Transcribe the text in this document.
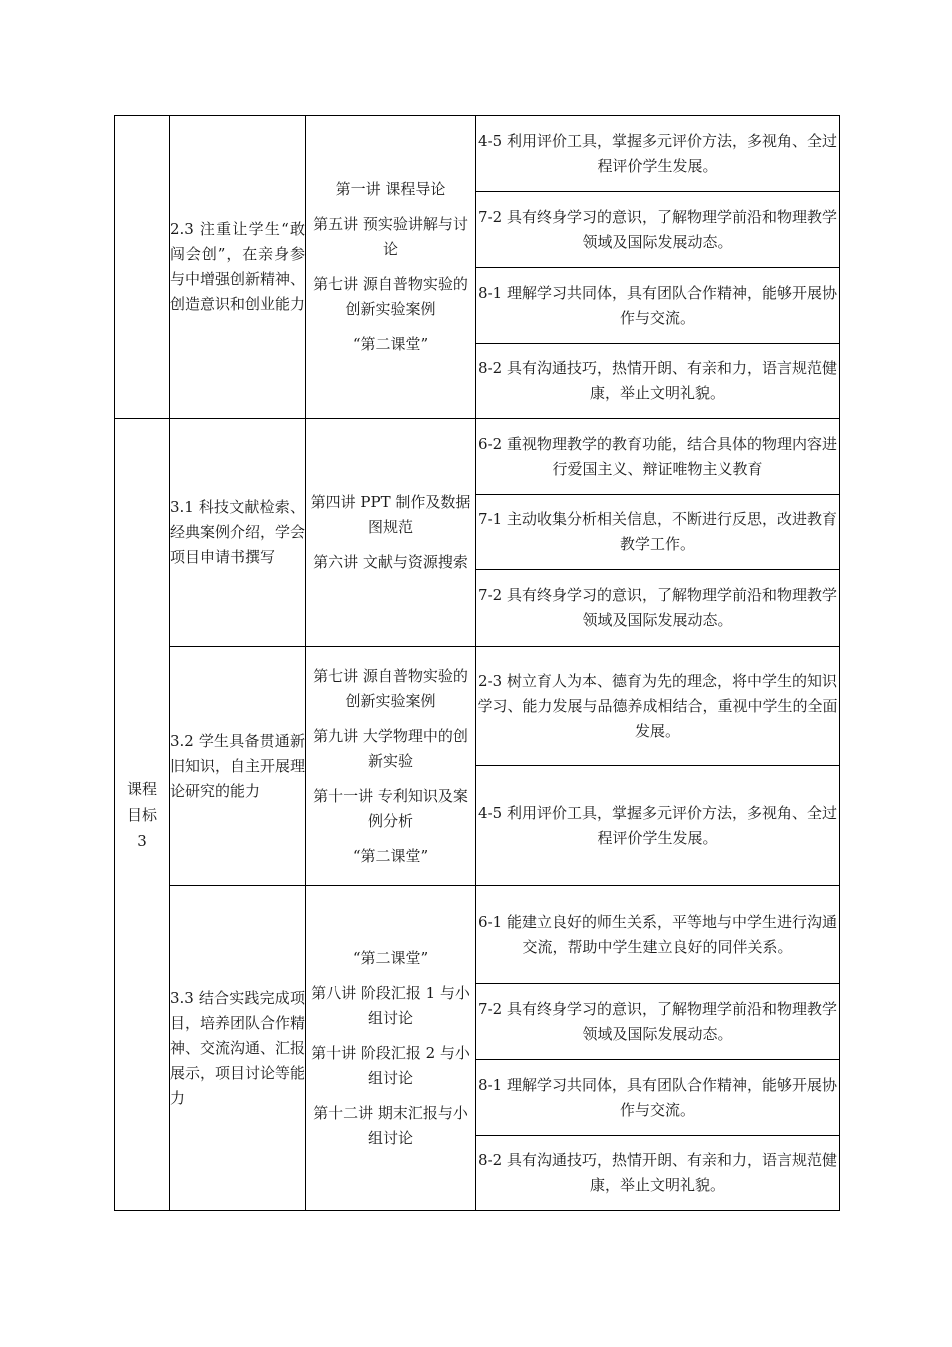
	2.3 注重让学生“敢闯会创”，在亲身参与中增强创新精神、创造意识和创业能力	第一讲 课程导论

第五讲 预实验讲解与讨论

第七讲 源自普物实验的创新实验案例

“第二课堂”	4-5 利用评价工具，掌握多元评价方法，多视角、全过程评价学生发展。
			7-2 具有终身学习的意识，了解物理学前沿和物理教学领域及国际发展动态。
			8-1 理解学习共同体，具有团队合作精神，能够开展协作与交流。
			8-2 具有沟通技巧，热情开朗、有亲和力，语言规范健康，举止文明礼貌。
课程目标3	3.1 科技文献检索、经典案例介绍，学会项目申请书撰写	第四讲 PPT 制作及数据图规范

第六讲 文献与资源搜索	6-2 重视物理教学的教育功能，结合具体的物理内容进行爱国主义、辩证唯物主义教育
			7-1 主动收集分析相关信息，不断进行反思，改进教育教学工作。
			7-2 具有终身学习的意识，了解物理学前沿和物理教学领域及国际发展动态。
	3.2 学生具备贯通新旧知识，自主开展理论研究的能力	第七讲 源自普物实验的创新实验案例

第九讲 大学物理中的创新实验

第十一讲 专利知识及案例分析

“第二课堂”	2-3 树立育人为本、德育为先的理念，将中学生的知识学习、能力发展与品德养成相结合，重视中学生的全面发展。
			4-5 利用评价工具，掌握多元评价方法，多视角、全过程评价学生发展。
	3.3 结合实践完成项目，培养团队合作精神、交流沟通、汇报展示，项目讨论等能力	“第二课堂”

第八讲 阶段汇报 1 与小组讨论

第十讲 阶段汇报 2 与小组讨论

第十二讲 期末汇报与小组讨论	6-1 能建立良好的师生关系，平等地与中学生进行沟通交流，帮助中学生建立良好的同伴关系。
			7-2 具有终身学习的意识，了解物理学前沿和物理教学领域及国际发展动态。
			8-1 理解学习共同体，具有团队合作精神，能够开展协作与交流。
			8-2 具有沟通技巧，热情开朗、有亲和力，语言规范健康，举止文明礼貌。
